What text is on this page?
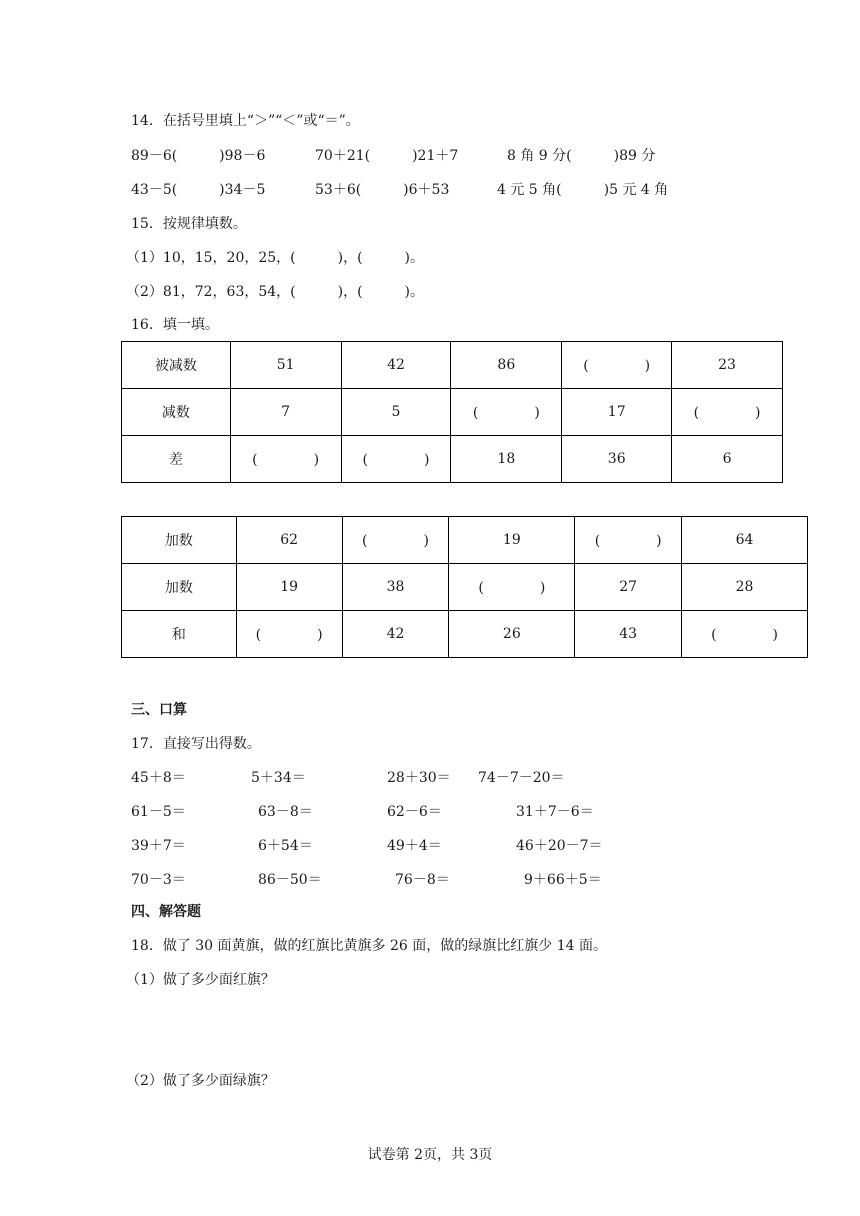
14．在括号里填上“＞”“＜”或“＝”。
89－6(　　　)98－6	70＋21(　　　)21＋7	8 角 9 分(　　　)89 分
43－5(　　　)34－5	53＋6(　　　)6＋53	4 元 5 角(　　　)5 元 4 角
15．按规律填数。
（1）10，15，20，25，(　　　)，(　　　)。
（2）81，72，63，54，(　　　)，(　　　)。
16．填一填。
被减数	51	42	86	(　　　　)	23
减数	7	5	(　　　　)	17	(　　　　)
差	(　　　　)	(　　　　)	18	36	6
加数	62	(　　　　)	19	(　　　　)	64
加数	19	38	(　　　　)	27	28
和	(　　　　)	42	26	43	(　　　　)
三、口算
17．直接写出得数。
45＋8＝	5＋34＝	28＋30＝ 74－7－20＝
61－5＝	63－8＝	62－6＝	31＋7－6＝
39＋7＝	6＋54＝	49＋4＝	46＋20－7＝
70－3＝	86－50＝	76－8＝	9＋66＋5＝
四、解答题
18．做了 30 面黄旗，做的红旗比黄旗多 26 面，做的绿旗比红旗少 14 面。
（1）做了多少面红旗？
（2）做了多少面绿旗？
试卷第 2页，共 3页
